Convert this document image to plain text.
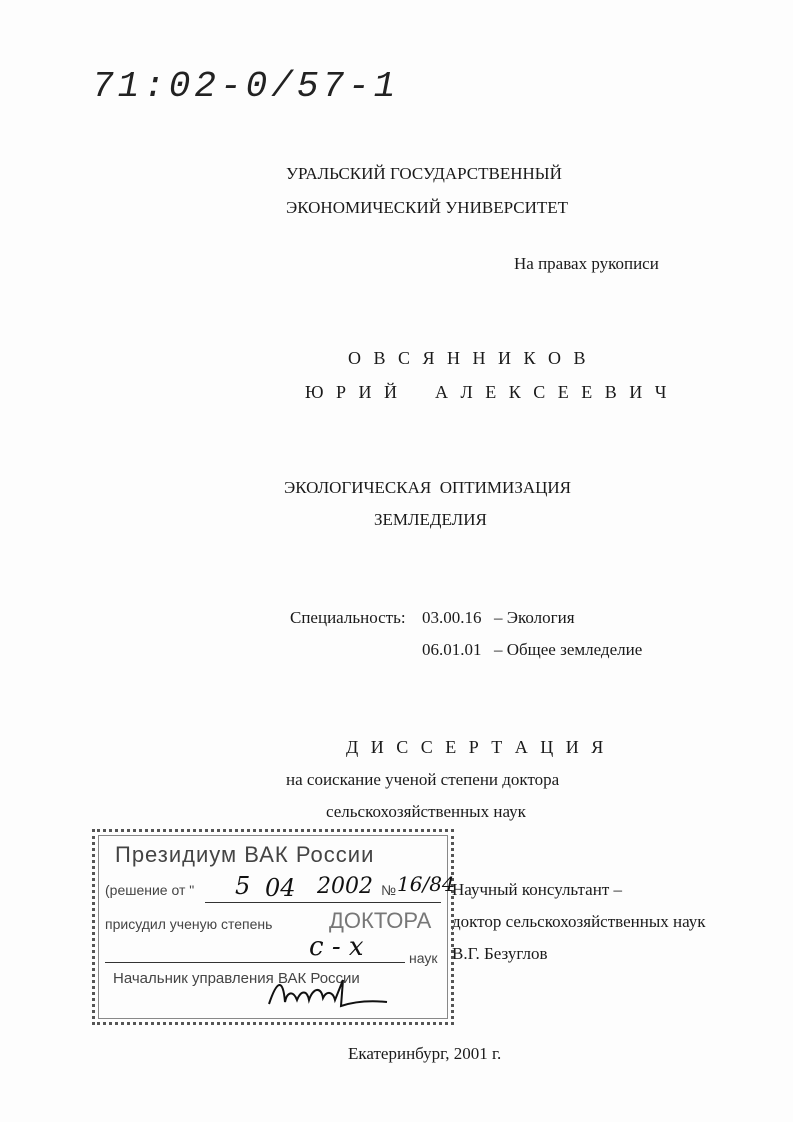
71:02-0/57-1
УРАЛЬСКИЙ ГОСУДАРСТВЕННЫЙ
ЭКОНОМИЧЕСКИЙ УНИВЕРСИТЕТ
На правах рукописи
О В С Я Н Н И К О В
Ю Р И Й    А Л Е К С Е Е В И Ч
ЭКОЛОГИЧЕСКАЯ  ОПТИМИЗАЦИЯ
ЗЕМЛЕДЕЛИЯ
Специальность: 03.00.16 – Экология
06.01.01 – Общее земледелие
Д И С С Е Р Т А Ц И Я
на соискание ученой степени доктора
сельскохозяйственных наук
Научный консультант –
доктор сельскохозяйственных наук
В.Г. Безуглов
Президиум ВАК России
(решение от " 5 04 2002 № 16/84
присудил ученую степень	ДОКТОРА
с - х	наук
Начальник управления ВАК России
Екатеринбург, 2001 г.
